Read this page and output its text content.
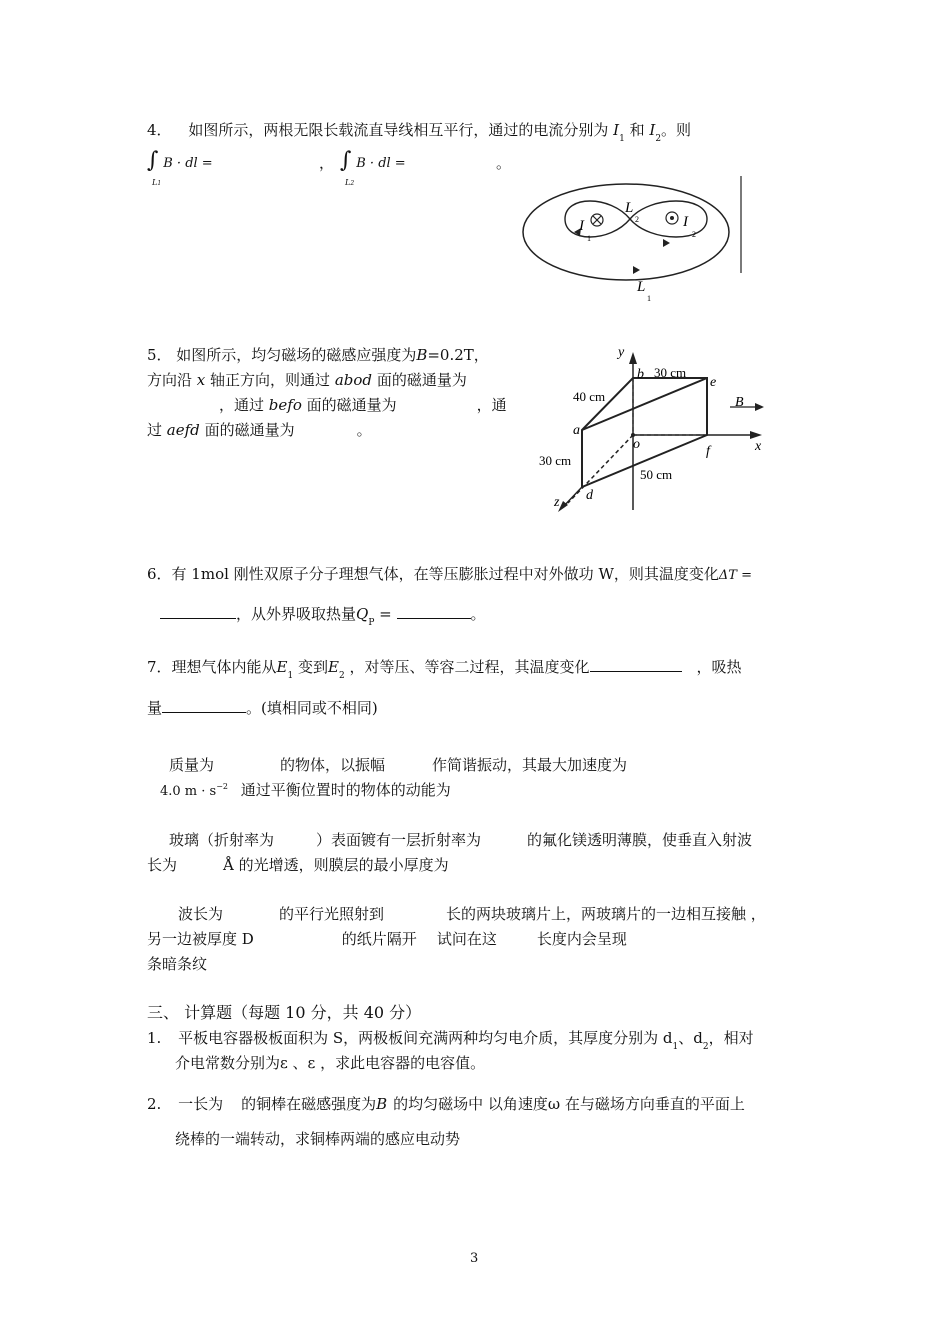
4． 如图所示，两根无限长载流直导线相互平行，通过的电流分别为 $I_1$ 和 $I_2$。则
∫ B · dl =
L1
， ∫ B · dl =
L2
。
I
1
I
2
L
2
L
1
5． 如图所示，均匀磁场的磁感应强度为B=0.2T，
方向沿 x 轴正方向，则通过 abod 面的磁通量为
，通过 befo 面的磁通量为	，通
过 aefd 面的磁通量为	。
y
b 30 cm
e
40 cm	B
a
o	f	x
30 cm
50 cm
d
z
6．有 1mol 刚性双原子分子理想气体，在等压膨胀过程中对外做功 W，则其温度变化ΔT =
，从外界吸取热量$Q_P$ =	。
7．理想气体内能从$E_1$ 变到$E_2$ ，对等压、等容二过程，其温度变化	，吸热
量	。(填相同或不相同)
质量为	的物体，以振幅	作简谐振动，其最大加速度为
4.0 $m \cdot s^{-2}$ 通过平衡位置时的物体的动能为
玻璃（折射率为	）表面镀有一层折射率为	的氟化镁透明薄膜，使垂直入射波
长为	Å 的光增透，则膜层的最小厚度为
波长为	的平行光照射到	长的两块玻璃片上，两玻璃片的一边相互接触 ，
另一边被厚度 D	的纸片隔开 试问在这	长度内会呈现
条暗条纹
三、 计算题（每题 10 分，共 40 分）
1. 平板电容器极板面积为 S，两极板间充满两种均匀电介质，其厚度分别为 $d_1$、$d_2$，相对
介电常数分别为ε 、ε ，求此电容器的电容值。
2. 一长为 的铜棒在磁感强度为B 的均匀磁场中 以角速度ω 在与磁场方向垂直的平面上
绕棒的一端转动，求铜棒两端的感应电动势
3
